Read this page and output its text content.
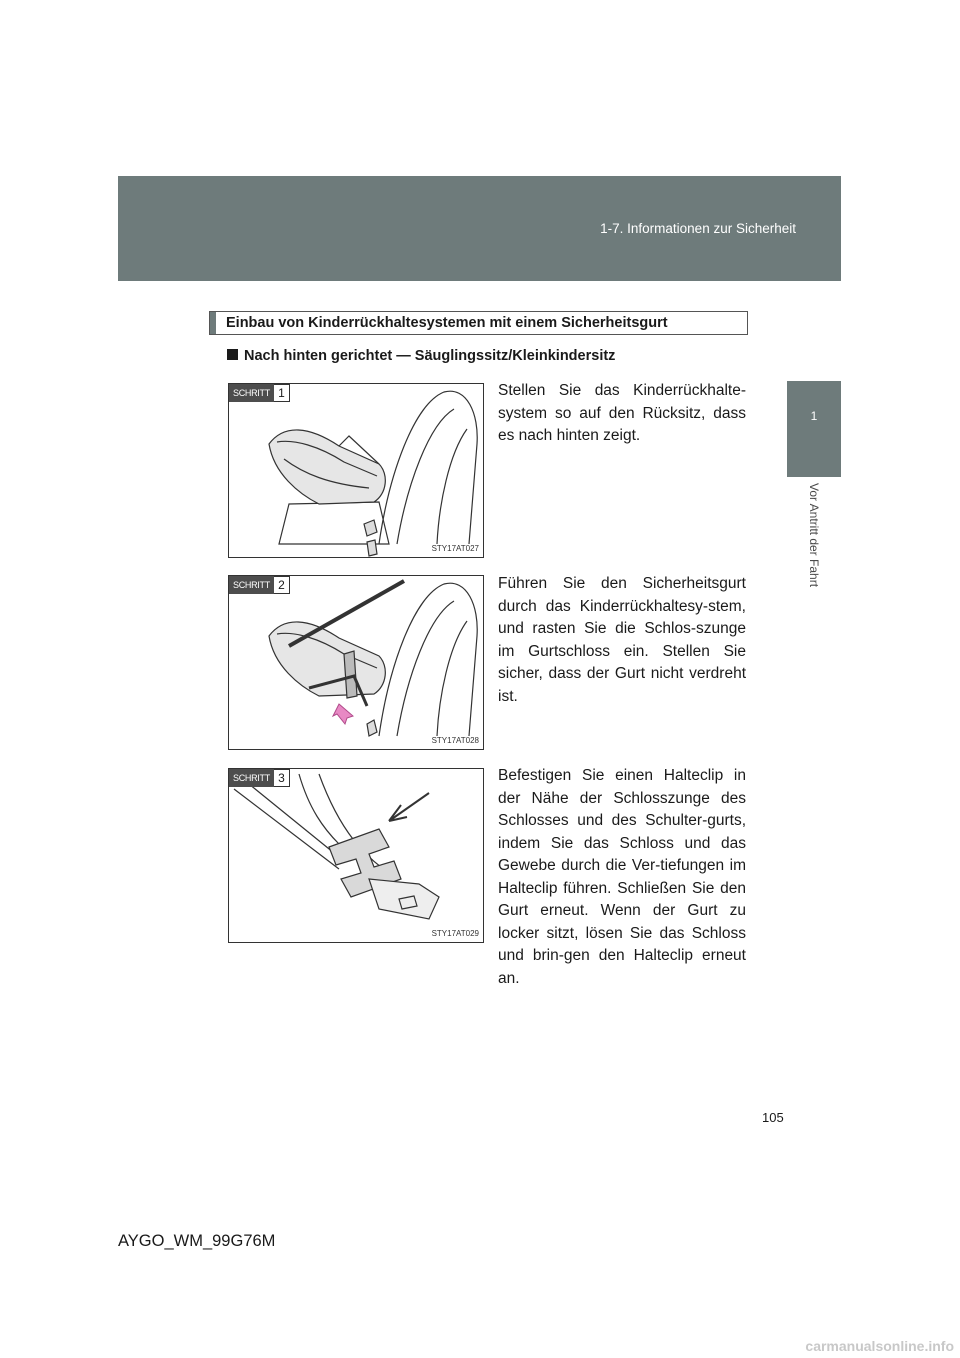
1-7. Informationen zur Sicherheit
1
Vor Antritt der Fahrt
Einbau von Kinderrückhaltesystemen mit einem Sicherheitsgurt
Nach hinten gerichtet — Säuglingssitz/Kleinkindersitz
SCHRITT 1
STY17AT027

Stellen Sie das Kinderrückhalte-system so auf den Rücksitz, dass es nach hinten zeigt.

SCHRITT 2
STY17AT028

Führen Sie den Sicherheitsgurt durch das Kinderrückhaltesy-stem, und rasten Sie die Schlos-szunge im Gurtschloss ein. Stellen Sie sicher, dass der Gurt nicht verdreht ist.

SCHRITT 3
STY17AT029

Befestigen Sie einen Halteclip in der Nähe der Schlosszunge des Schlosses und des Schulter-gurts, indem Sie das Schloss und das Gewebe durch die Ver-tiefungen im Halteclip führen. Schließen Sie den Gurt erneut. Wenn der Gurt zu locker sitzt, lösen Sie das Schloss und brin-gen den Halteclip erneut an.

105
AYGO_WM_99G76M
carmanualsonline.info
